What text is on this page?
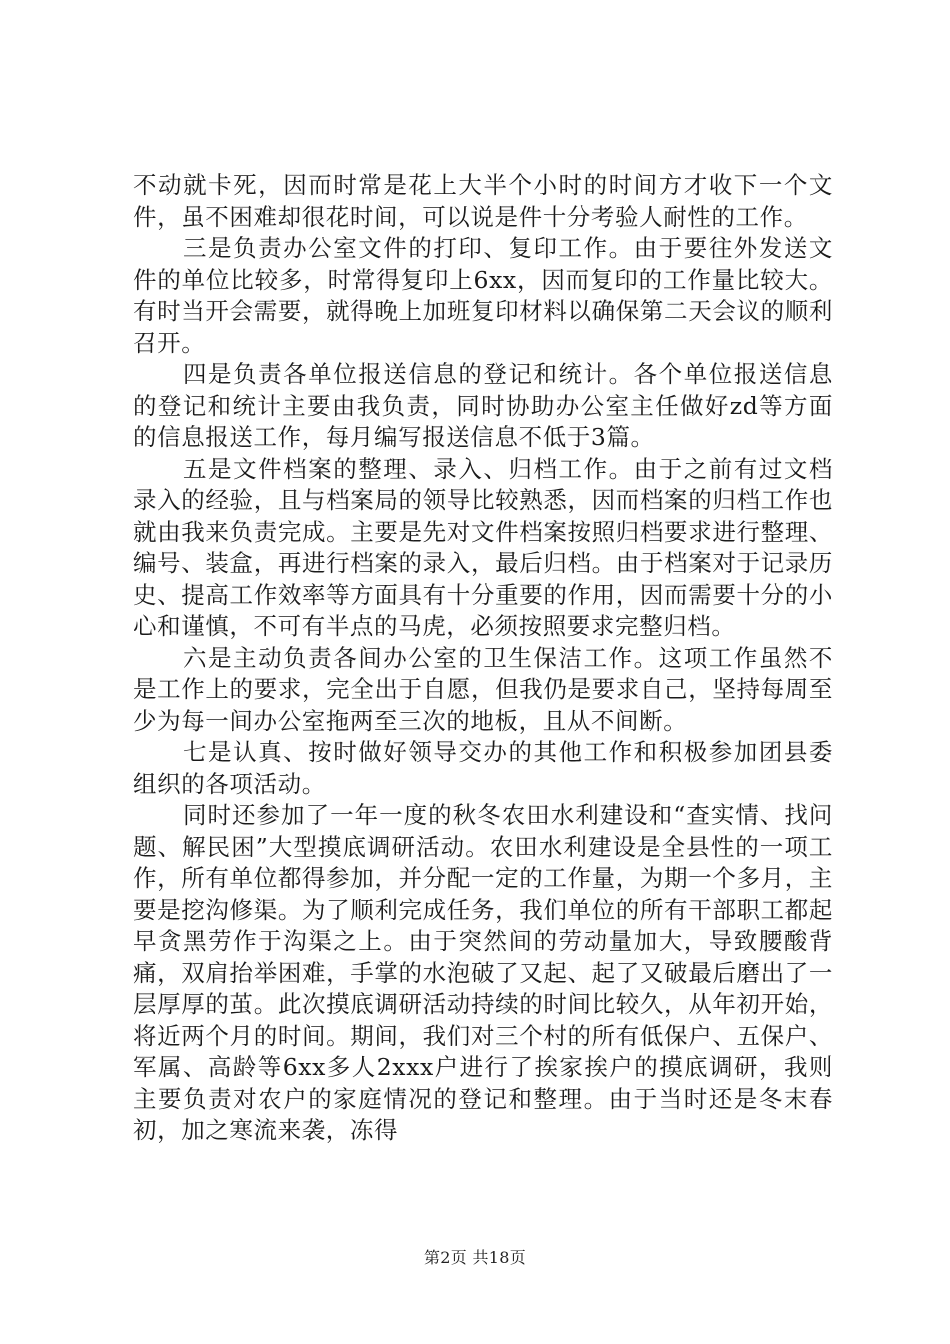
不动就卡死，因而时常是花上大半个小时的时间方才收下一个文件，虽不困难却很花时间，可以说是件十分考验人耐性的工作。

三是负责办公室文件的打印、复印工作。由于要往外发送文件的单位比较多，时常得复印上6xx，因而复印的工作量比较大。有时当开会需要，就得晚上加班复印材料以确保第二天会议的顺利召开。

四是负责各单位报送信息的登记和统计。各个单位报送信息的登记和统计主要由我负责，同时协助办公室主任做好zd等方面的信息报送工作，每月编写报送信息不低于3篇。

五是文件档案的整理、录入、归档工作。由于之前有过文档录入的经验，且与档案局的领导比较熟悉，因而档案的归档工作也就由我来负责完成。主要是先对文件档案按照归档要求进行整理、编号、装盒，再进行档案的录入，最后归档。由于档案对于记录历史、提高工作效率等方面具有十分重要的作用，因而需要十分的小心和谨慎，不可有半点的马虎，必须按照要求完整归档。

六是主动负责各间办公室的卫生保洁工作。这项工作虽然不是工作上的要求，完全出于自愿，但我仍是要求自己，坚持每周至少为每一间办公室拖两至三次的地板，且从不间断。

七是认真、按时做好领导交办的其他工作和积极参加团县委组织的各项活动。

同时还参加了一年一度的秋冬农田水利建设和“查实情、找问题、解民困”大型摸底调研活动。农田水利建设是全县性的一项工作，所有单位都得参加，并分配一定的工作量，为期一个多月，主要是挖沟修渠。为了顺利完成任务，我们单位的所有干部职工都起早贪黑劳作于沟渠之上。由于突然间的劳动量加大，导致腰酸背痛，双肩抬举困难，手掌的水泡破了又起、起了又破最后磨出了一层厚厚的茧。此次摸底调研活动持续的时间比较久，从年初开始，将近两个月的时间。期间，我们对三个村的所有低保户、五保户、军属、高龄等6xx多人2xxx户进行了挨家挨户的摸底调研，我则主要负责对农户的家庭情况的登记和整理。由于当时还是冬末春初，加之寒流来袭，冻得

第2页 共18页
